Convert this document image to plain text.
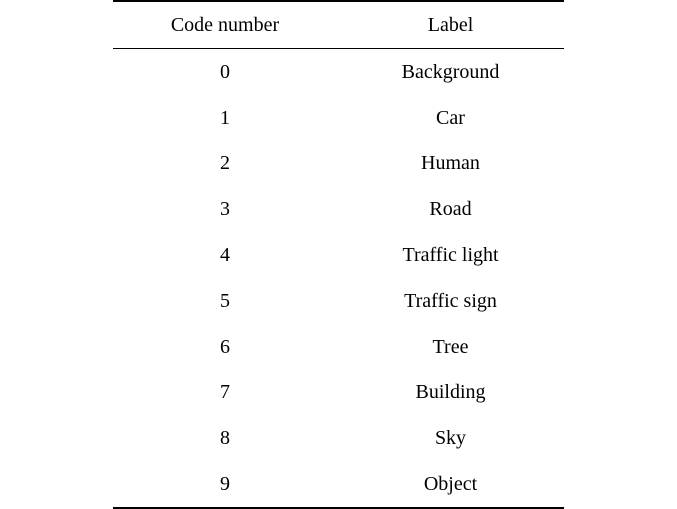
Code number	Label
0	Background
1	Car
2	Human
3	Road
4	Traffic light
5	Traffic sign
6	Tree
7	Building
8	Sky
9	Object
